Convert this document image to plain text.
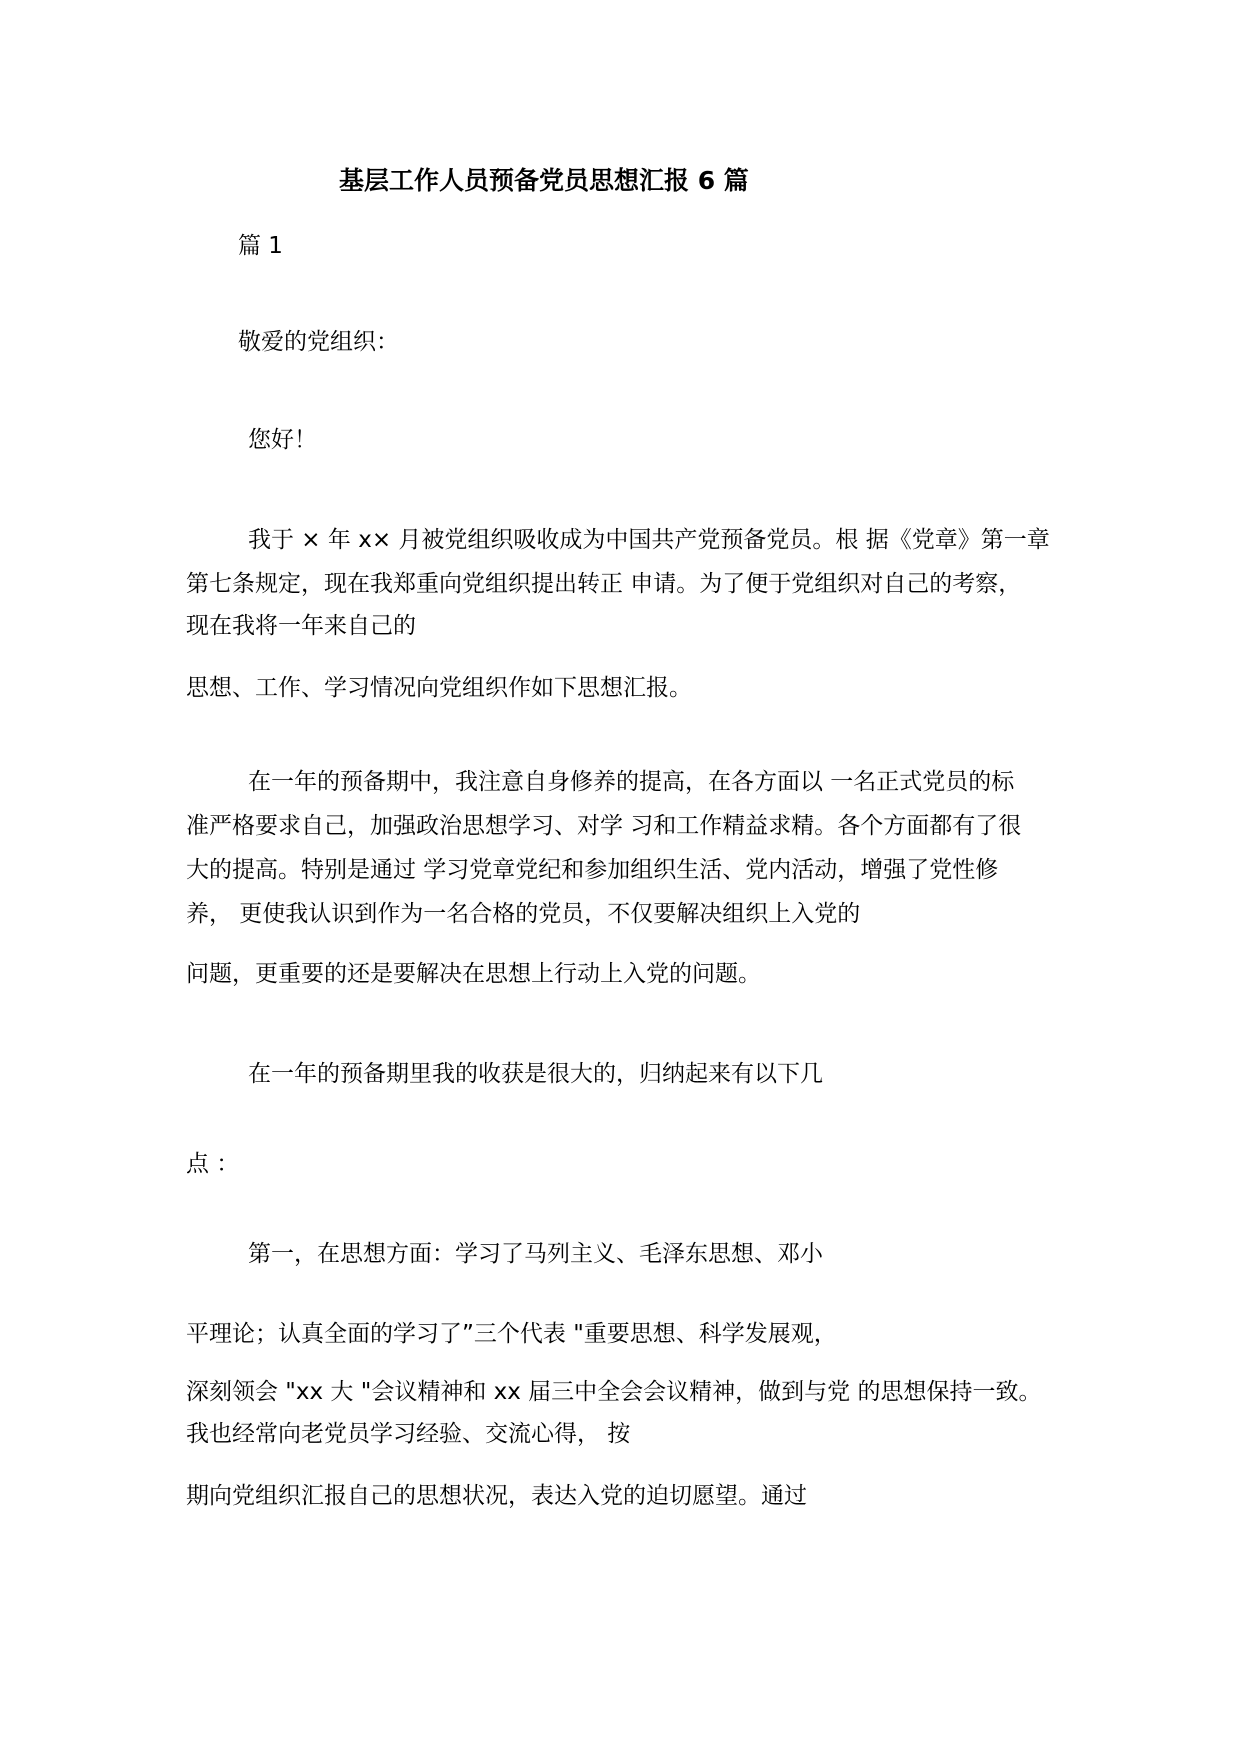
基层工作人员预备党员思想汇报 6 篇
篇 1
敬爱的党组织：
您好！
我于 × 年 x× 月被党组织吸收成为中国共产党预备党员。根 据《党章》第一章
第七条规定，现在我郑重向党组织提出转正 申请。为了便于党组织对自己的考察，
现在我将一年来自己的
思想、工作、学习情况向党组织作如下思想汇报。
在一年的预备期中，我注意自身修养的提高，在各方面以 一名正式党员的标
准严格要求自己，加强政治思想学习、对学 习和工作精益求精。各个方面都有了很
大的提高。特别是通过 学习党章党纪和参加组织生活、党内活动，增强了党性修
养， 更使我认识到作为一名合格的党员，不仅要解决组织上入党的
问题，更重要的还是要解决在思想上行动上入党的问题。
在一年的预备期里我的收获是很大的，归纳起来有以下几
点 ：
第一，在思想方面：学习了马列主义、毛泽东思想、邓小
平理论；认真全面的学习了”三个代表 "重要思想、科学发展观，
深刻领会 "xx 大 "会议精神和 xx 届三中全会会议精神，做到与党 的思想保持一致。
我也经常向老党员学习经验、交流心得， 按
期向党组织汇报自己的思想状况，表达入党的迫切愿望。通过
